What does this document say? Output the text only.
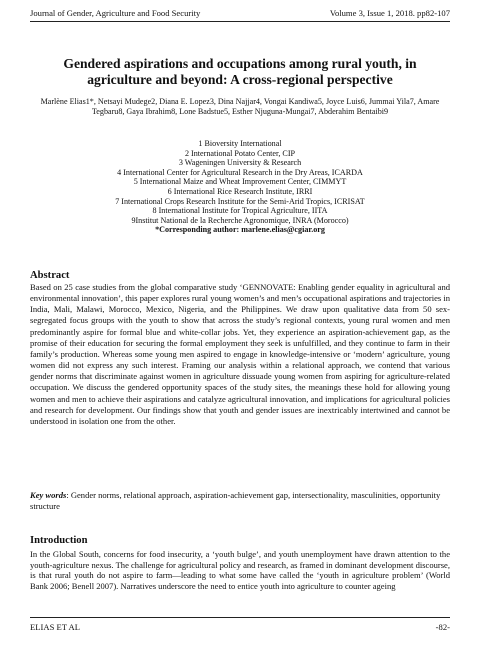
Journal of Gender, Agriculture and Food Security	Volume 3, Issue 1, 2018. pp82-107
Gendered aspirations and occupations among rural youth, in agriculture and beyond: A cross-regional perspective
Marlène Elias1*, Netsayi Mudege2, Diana E. Lopez3, Dina Najjar4, Vongai Kandiwa5, Joyce Luis6, Jummai Yila7, Amare Tegbaru8, Gaya Ibrahim8, Lone Badstue5, Esther Njuguna-Mungai7, Abderahim Bentaibi9
1 Bioversity International
2 International Potato Center, CIP
3 Wageningen University & Research
4 International Center for Agricultural Research in the Dry Areas, ICARDA
5 International Maize and Wheat Improvement Center, CIMMYT
6 International Rice Research Institute, IRRI
7 International Crops Research Institute for the Semi-Arid Tropics, ICRISAT
8 International Institute for Tropical Agriculture, IITA
9Institut National de la Recherche Agronomique, INRA (Morocco)
*Corresponding author: marlene.elias@cgiar.org
Abstract

Based on 25 case studies from the global comparative study ‘GENNOVATE: Enabling gender equality in agricultural and environmental innovation’, this paper explores rural young women’s and men’s occupational aspirations and trajectories in India, Mali, Malawi, Morocco, Mexico, Nigeria, and the Philippines. We draw upon qualitative data from 50 sex-segregated focus groups with the youth to show that across the study’s regional contexts, young rural women and men predominantly aspire for formal blue and white-collar jobs. Yet, they experience an aspiration-achievement gap, as the promise of their education for securing the formal employment they seek is unfulfilled, and they continue to farm in their family’s production. Whereas some young men aspired to engage in knowledge-intensive or ‘modern’ agriculture, young women did not express any such interest. Framing our analysis within a relational approach, we contend that various gender norms that discriminate against women in agriculture dissuade young women from aspiring for agriculture-related occupation. We discuss the gendered opportunity spaces of the study sites, the meanings these hold for allowing young women and men to achieve their aspirations and catalyze agricultural innovation, and implications for agricultural policies and research for development. Our findings show that youth and gender issues are inextricably intertwined and cannot be understood in isolation one from the other.

Key words: Gender norms, relational approach, aspiration-achievement gap, intersectionality, masculinities, opportunity structure

Introduction

In the Global South, concerns for food insecurity, a ‘youth bulge’, and youth unemployment have drawn attention to the youth-agriculture nexus. The challenge for agricultural policy and research, as framed in dominant development discourse, is that rural youth do not aspire to farm—leading to what some have called the ‘youth in agriculture problem’ (World Bank 2006; Benell 2007). Narratives underscore the need to entice youth into agriculture to counter ageing

ELIAS ET AL	-82-
